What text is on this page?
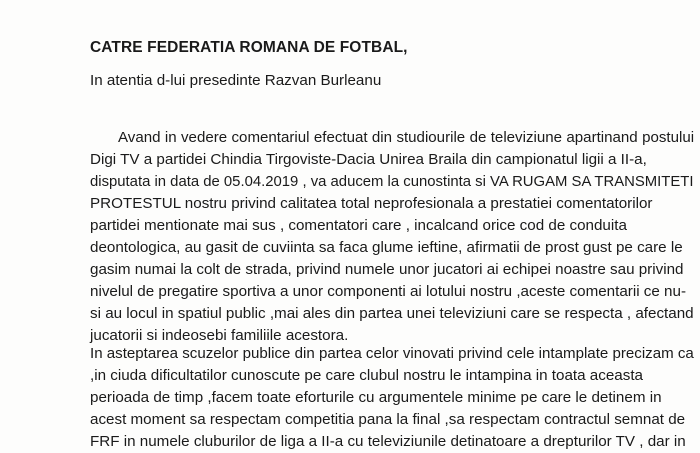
CATRE FEDERATIA ROMANA DE FOTBAL,
In atentia d-lui presedinte Razvan Burleanu
Avand in vedere comentariul efectuat din studiourile de televiziune apartinand postului
Digi TV a partidei Chindia Tirgoviste-Dacia Unirea Braila din campionatul ligii a II-a,
disputata in data de 05.04.2019 , va aducem la cunostinta si VA RUGAM SA TRANSMITETI
PROTESTUL nostru privind calitatea total neprofesionala a prestatiei comentatorilor
partidei mentionate mai sus , comentatori care , incalcand orice cod de conduita
deontologica, au gasit de cuviinta sa faca glume ieftine, afirmatii de prost gust pe care le
gasim numai la colt de strada, privind numele unor jucatori ai echipei noastre sau privind
nivelul de pregatire sportiva a unor componenti ai lotului nostru ,aceste comentarii ce nu-
si au locul in spatiul public ,mai ales din partea unei televiziuni care se respecta , afectand
jucatorii si indeosebi familiile acestora.
In asteptarea scuzelor publice din partea celor vinovati privind cele intamplate precizam ca
,in ciuda dificultatilor cunoscute pe care clubul nostru le intampina in toata aceasta
perioada de timp ,facem toate eforturile cu argumentele minime pe care le detinem in
acest moment sa respectam competitia pana la final ,sa respectam contractul semnat de
FRF in numele cluburilor de liga a II-a cu televiziunile detinatoare a drepturilor TV , dar in
